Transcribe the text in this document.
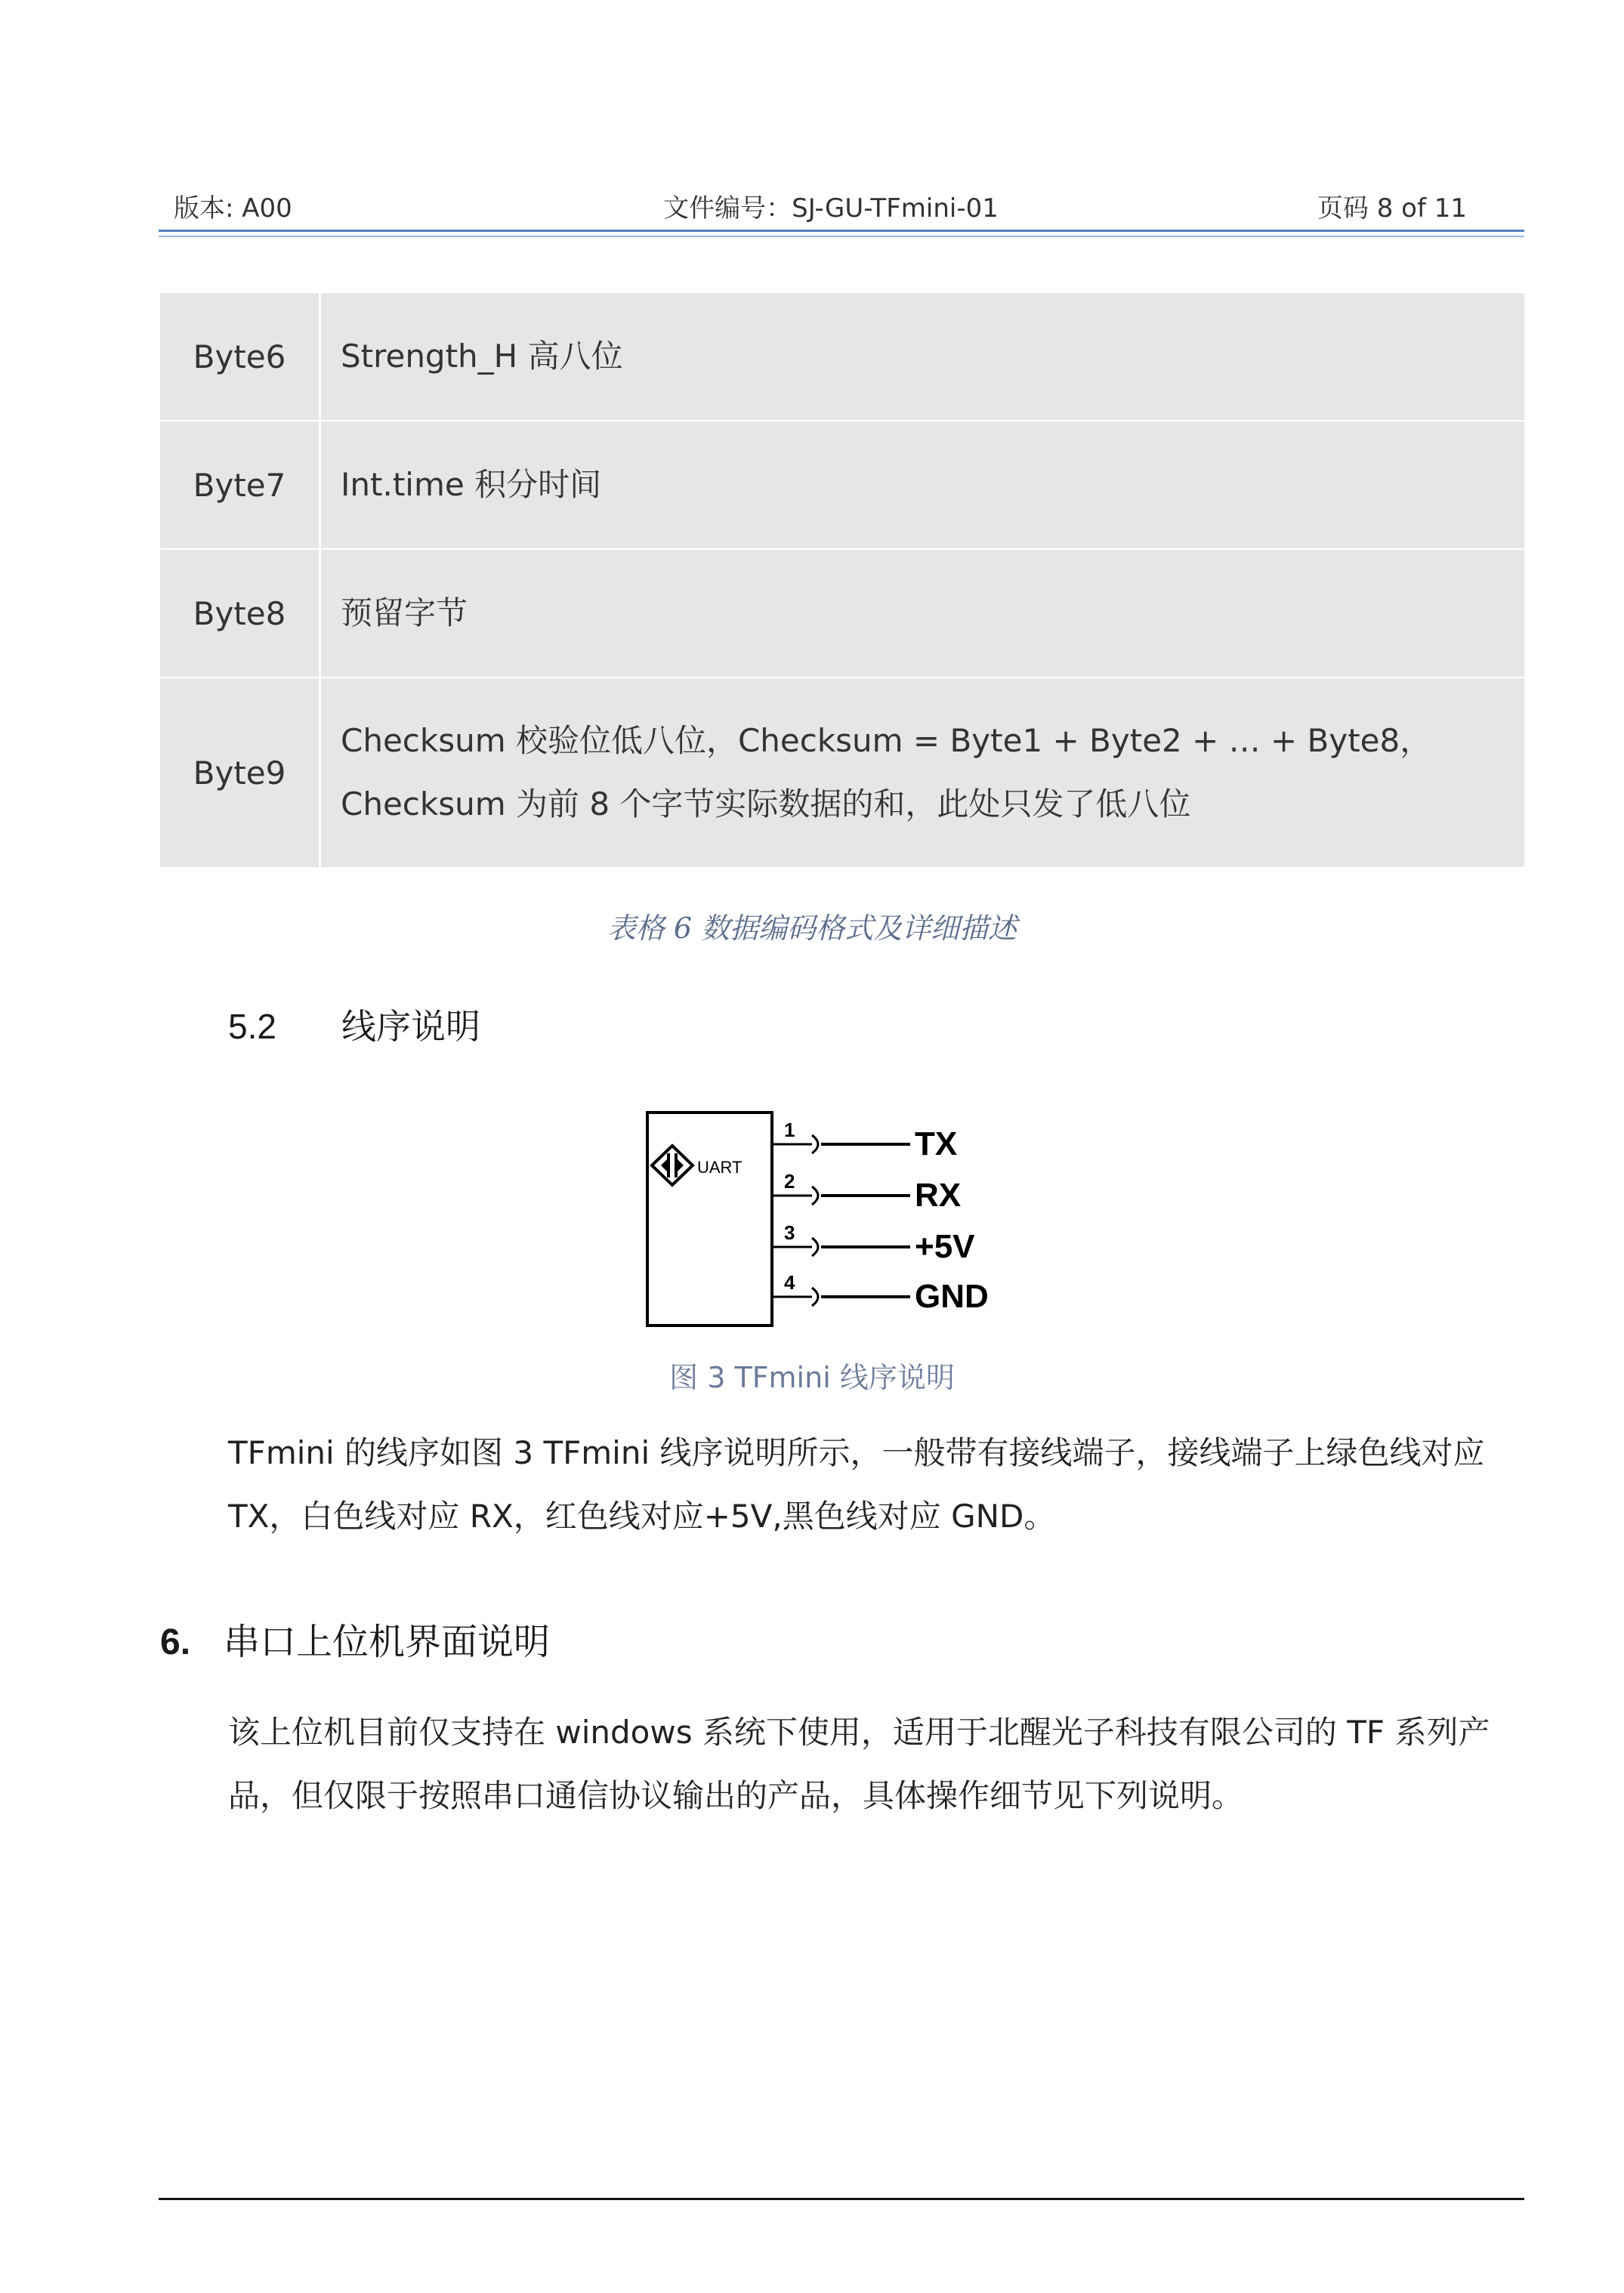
版本: A00	文件编号：SJ-GU-TFmini-01	页码 8 of 11
Byte6	Strength_H 高八位
Byte7	Int.time 积分时间
Byte8	预留字节
Byte9	Checksum 校验位低八位，Checksum = Byte1 + Byte2 + … + Byte8，Checksum 为前 8 个字节实际数据的和，此处只发了低八位
表格 6 数据编码格式及详细描述
5.2 线序说明
UART
1	TX
2	RX
3	+5V
4	GND
图 3 TFmini 线序说明
TFmini 的线序如图 3 TFmini 线序说明所示，一般带有接线端子，接线端子上绿色线对应 TX，白色线对应 RX，红色线对应+5V,黑色线对应 GND。
6. 串口上位机界面说明
该上位机目前仅支持在 windows 系统下使用，适用于北醒光子科技有限公司的 TF 系列产品，但仅限于按照串口通信协议输出的产品，具体操作细节见下列说明。
